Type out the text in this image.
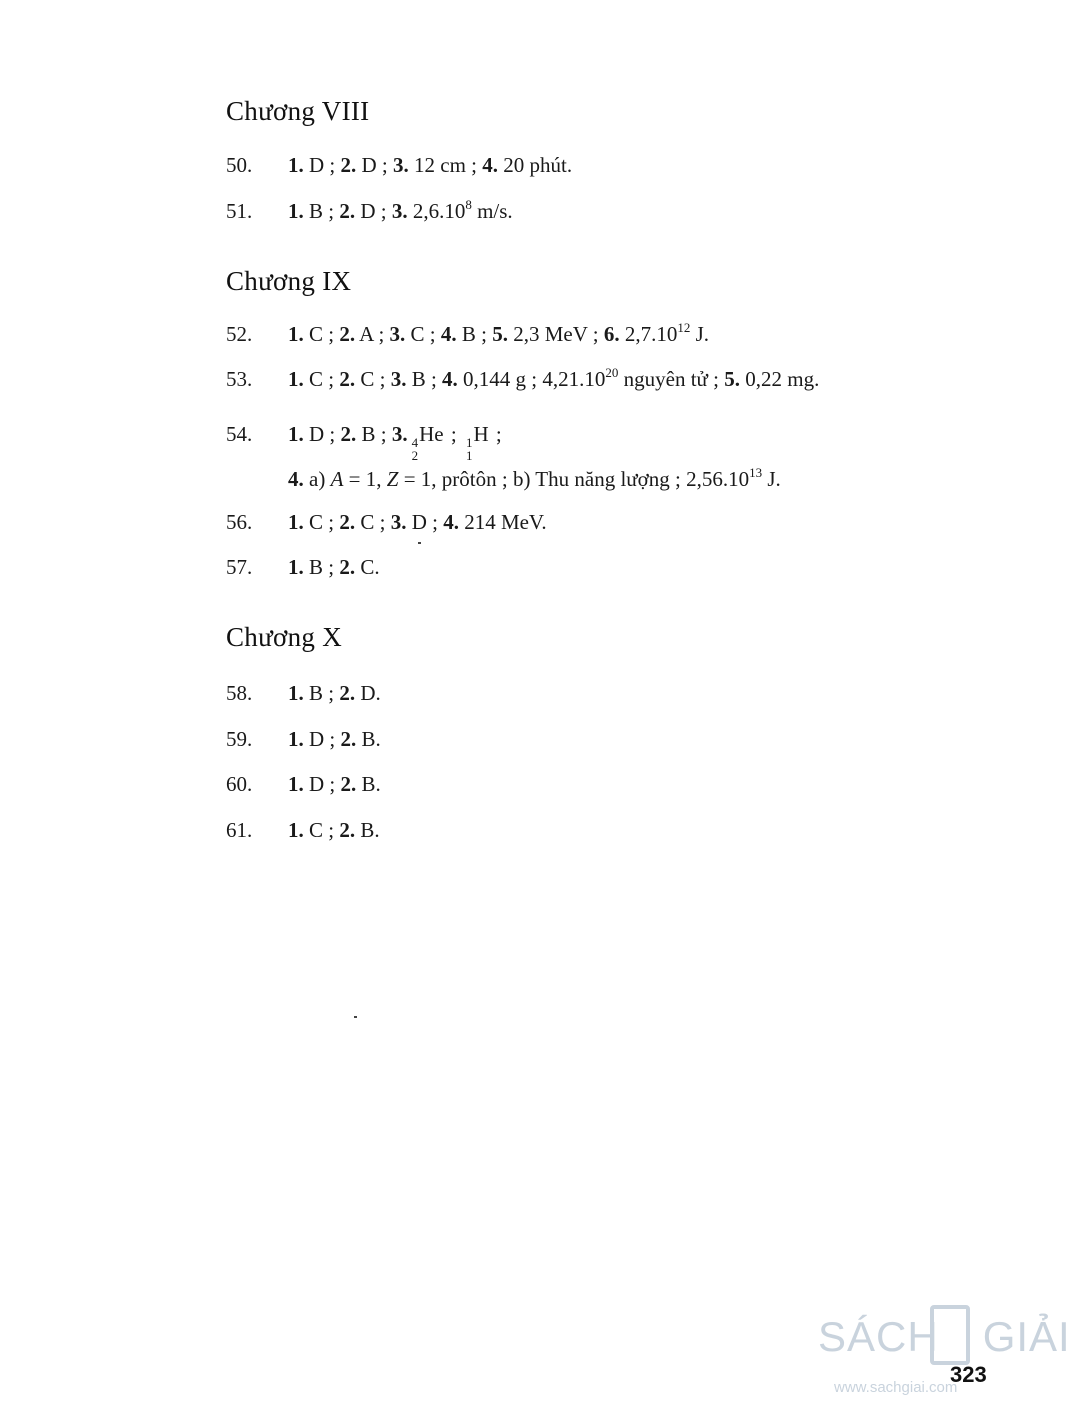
Chương VIII
50. 1. D ; 2. D ; 3. 12 cm ; 4. 20 phút.
51. 1. B ; 2. D ; 3. 2,6.10$^8$ m/s.
Chương IX
52. 1. C ; 2. A ; 3. C ; 4. B ; 5. 2,3 MeV ; 6. 2,7.10$^{12}$ J.
53. 1. C ; 2. C ; 3. B ; 4. 0,144 g ; 4,21.10$^{20}$ nguyên tử ; 5. 0,22 mg.
54. 1. D ; 2. B ; 3. 4
2
He ; 1
1
H ;
4. a) A = 1, Z = 1, prôtôn ; b) Thu năng lượng ; 2,56.10$^{13}$ J.
56. 1. C ; 2. C ; 3. D ; 4. 214 MeV.
57. 1. B ; 2. C.
Chương X
58. 1. B ; 2. D.
59. 1. D ; 2. B.
60. 1. D ; 2. B.
61. 1. C ; 2. B.
SÁCH GIẢI
www.sachgiai.com
323
